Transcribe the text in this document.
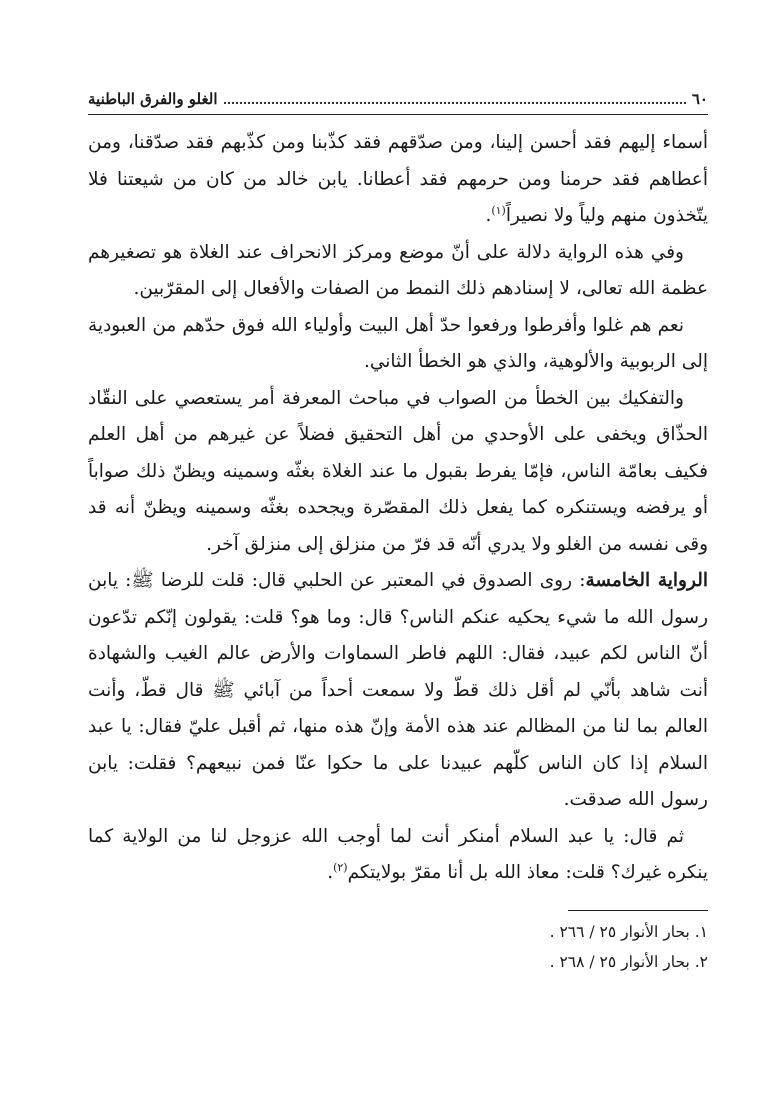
٦٠
الغلو والفرق الباطنية

أسماء إليهم فقد أحسن إلينا، ومن صدّقهم فقد كذّبنا ومن كذّبهم فقد صدّقنا، ومن أعطاهم فقد حرمنا ومن حرمهم فقد أعطانا. يابن خالد من كان من شيعتنا فلا يتّخذون منهم ولياً ولا نصيراً$^{(١)}$.

وفي هذه الرواية دلالة على أنّ موضع ومركز الانحراف عند الغلاة هو تصغيرهم عظمة الله تعالى، لا إسنادهم ذلك النمط من الصفات والأفعال إلى المقرّبين.

نعم هم غلوا وأفرطوا ورفعوا حدّ أهل البيت وأولياء الله فوق حدّهم من العبودية إلى الربوبية والألوهية، والذي هو الخطأ الثاني.

والتفكيك بين الخطأ من الصواب في مباحث المعرفة أمر يستعصي على النقّاد الحذّاق ويخفى على الأوحدي من أهل التحقيق فضلاً عن غيرهم من أهل العلم فكيف بعامّة الناس، فإمّا يفرط بقبول ما عند الغلاة بغثّه وسمينه ويظنّ ذلك صواباً أو يرفضه ويستنكره كما يفعل ذلك المقصّرة ويجحده بغثّه وسمينه ويظنّ أنه قد وقى نفسه من الغلو ولا يدري أنّه قد فرّ من منزلق إلى منزلق آخر.

الرواية الخامسة: روى الصدوق في المعتبر عن الحلبي قال: قلت للرضا ﷺ: يابن رسول الله ما شيء يحكيه عنكم الناس؟ قال: وما هو؟ قلت: يقولون إنّكم تدّعون أنّ الناس لكم عبيد، فقال: اللهم فاطر السماوات والأرض عالم الغيب والشهادة أنت شاهد بأنّي لم أقل ذلك قطّ ولا سمعت أحداً من آبائي ﷺ قال قطّ، وأنت العالم بما لنا من المظالم عند هذه الأمة وإنّ هذه منها، ثم أقبل عليّ فقال: يا عبد السلام إذا كان الناس كلّهم عبيدنا على ما حكوا عنّا فمن نبيعهم؟ فقلت: يابن رسول الله صدقت.

ثم قال: يا عبد السلام أمنكر أنت لما أوجب الله عزوجل لنا من الولاية كما ينكره غيرك؟ قلت: معاذ الله بل أنا مقرّ بولايتكم$^{(٢)}$.

١. بحار الأنوار ٢٥ / ٢٦٦ .
٢. بحار الأنوار ٢٥ / ٢٦٨ .
